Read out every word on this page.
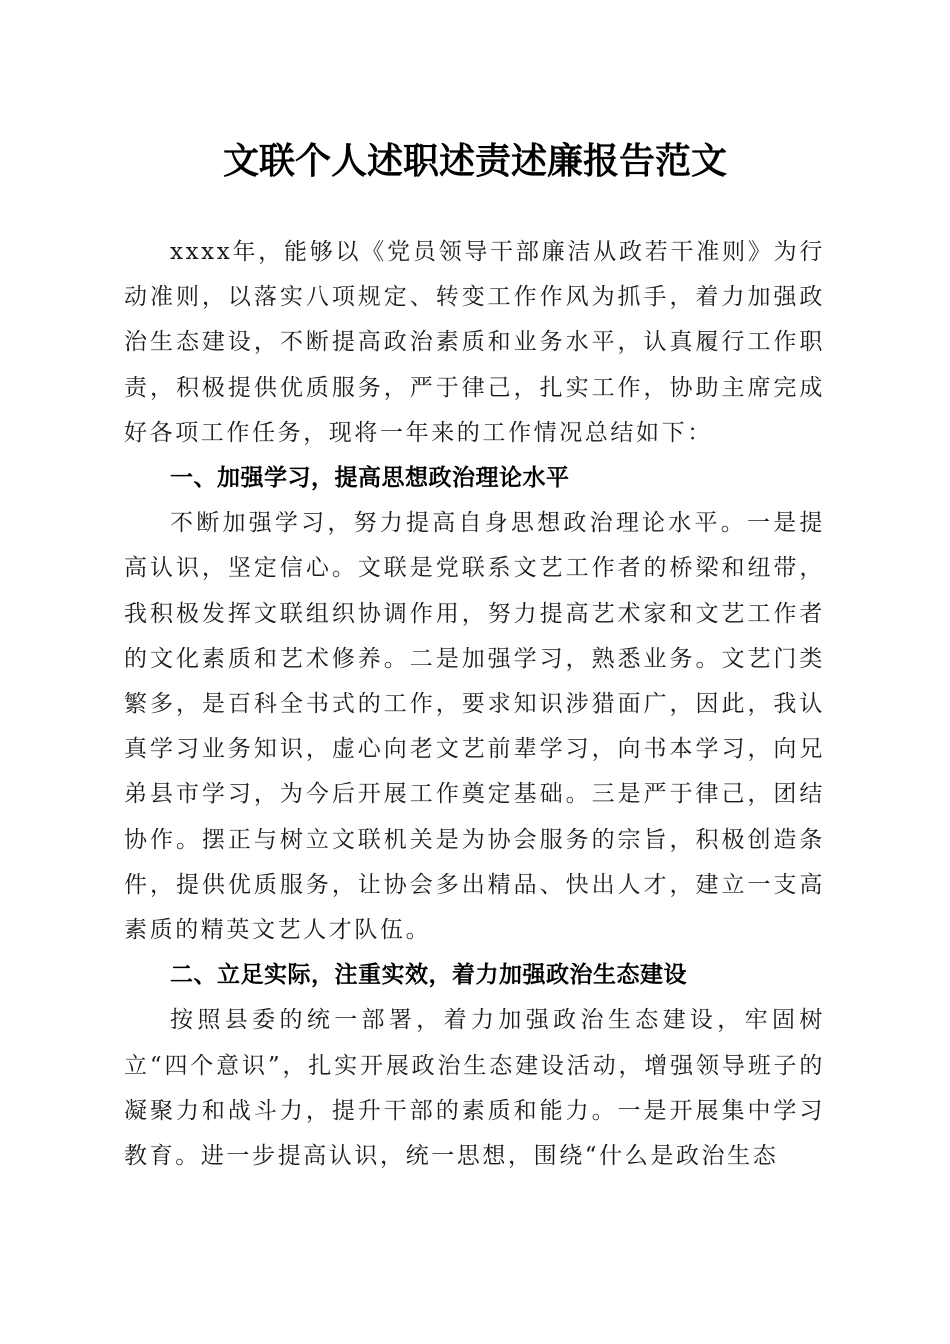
文联个人述职述责述廉报告范文

xxxx年，能够以《党员领导干部廉洁从政若干准则》为行动准则，以落实八项规定、转变工作作风为抓手，着力加强政治生态建设，不断提高政治素质和业务水平，认真履行工作职责，积极提供优质服务，严于律己，扎实工作，协助主席完成好各项工作任务，现将一年来的工作情况总结如下：

一、加强学习，提高思想政治理论水平

不断加强学习，努力提高自身思想政治理论水平。一是提高认识，坚定信心。文联是党联系文艺工作者的桥梁和纽带，我积极发挥文联组织协调作用，努力提高艺术家和文艺工作者的文化素质和艺术修养。二是加强学习，熟悉业务。文艺门类繁多，是百科全书式的工作，要求知识涉猎面广，因此，我认真学习业务知识，虚心向老文艺前辈学习，向书本学习，向兄弟县市学习，为今后开展工作奠定基础。三是严于律己，团结协作。摆正与树立文联机关是为协会服务的宗旨，积极创造条件，提供优质服务，让协会多出精品、快出人才，建立一支高素质的精英文艺人才队伍。

二、立足实际，注重实效，着力加强政治生态建设

按照县委的统一部署，着力加强政治生态建设，牢固树立“四个意识”，扎实开展政治生态建设活动，增强领导班子的凝聚力和战斗力，提升干部的素质和能力。一是开展集中学习教育。进一步提高认识，统一思想，围绕“什么是政治生态
